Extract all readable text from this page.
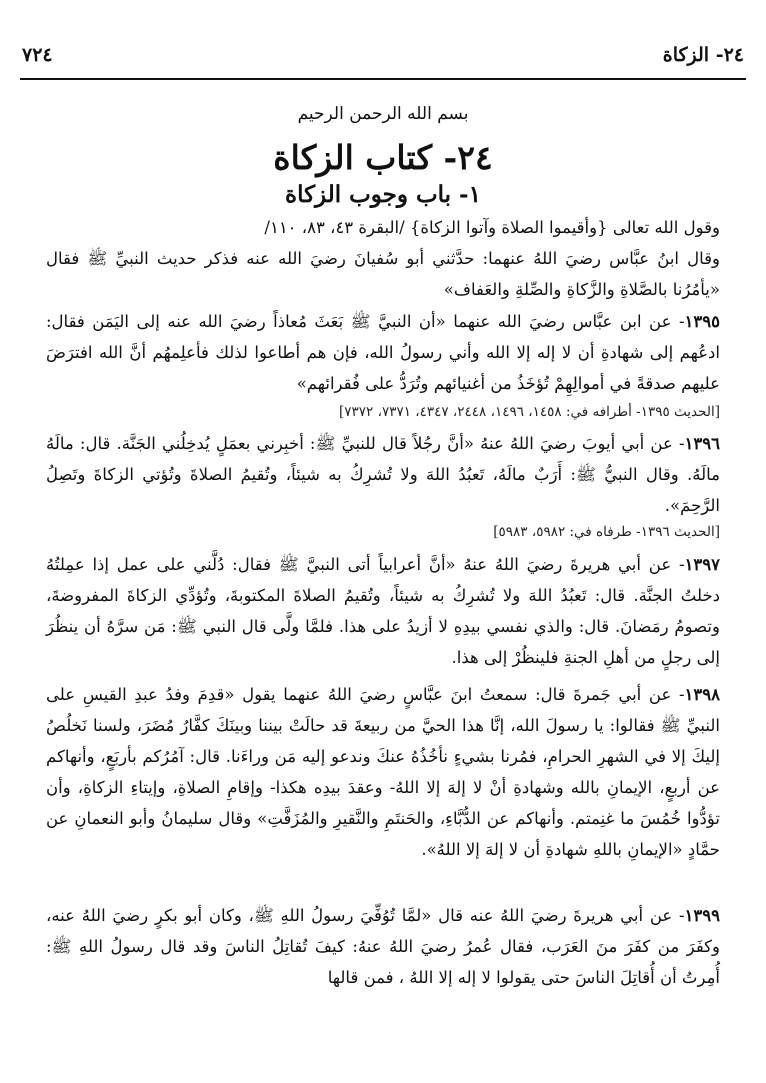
٢٤- الزكاة
٧٢٤
بسم الله الرحمن الرحيم
٢٤- كتاب الزكاة
١- باب وجوب الزكاة

وقول الله تعالى {وأقيموا الصلاة وآتوا الزكاة} /البقرة ٤٣، ٨٣، ١١٠/

وقال ابنُ عبَّاس رضيَ اللهُ عنهما: حدَّثني أبو سُفيانَ رضيَ الله عنه فذكر حديث النبيِّ ﷺ فقال «يأمُرُنا بالصَّلاةِ والزَّكاةِ والصِّلةِ والعَفاف»

١٣٩٥- عن ابن عبَّاس رضيَ الله عنهما «أن النبيَّ ﷺ بَعَثَ مُعاذاً رضيَ الله عنه إلى اليَمَن فقال: ادعُهم إلى شهادةِ أن لا إله إلا الله وأني رسولُ الله، فإن هم أطاعوا لذلك فأعلِمهُم أنَّ الله افترَضَ عليهم صدقةً في أموالِهِمْ تُؤخَذُ من أغنيائهم وتُرَدُّ على فُقرائهم»

[الحديث ١٣٩٥- أطرافه في: ١٤٥٨، ١٤٩٦، ٢٤٤٨، ٤٣٤٧، ٧٣٧١، ٧٣٧٢]

١٣٩٦- عن أبي أيوبَ رضيَ اللهُ عنهُ «أنَّ رجُلاً قال للنبيِّ ﷺ: أخبِرني بعمَلٍ يُدخِلُني الجَنَّة. قال: مالَهُ مالَهُ. وقال النبيُّ ﷺ: أَرَبٌ مالَهُ، تَعبُدُ اللهَ ولا تُشرِكُ به شيئاً، وتُقيمُ الصلاةَ وتُؤتي الزكاةَ وتَصِلُ الرَّحِمَ».

[الحديث ١٣٩٦- طرفاه في: ٥٩٨٢، ٥٩٨٣]

١٣٩٧- عن أبي هريرةَ رضيَ اللهُ عنهُ «أنَّ أعرابياً أتى النبيَّ ﷺ فقال: دُلَّني على عمل إذا عمِلتُهُ دخلتُ الجنَّة. قال: تَعبُدُ اللهَ ولا تُشرِكُ به شيئاً، وتُقيمُ الصلاةَ المكتوبةَ، وتُؤدِّي الزكاةَ المفروضةَ، وتصومُ رمَضانَ. قال: والذي نفسي بيدِهِ لا أزيدُ على هذا. فلمَّا ولَّى قال النبي ﷺ: مَن سرَّهُ أن ينظُرَ إلى رجلٍ من أهلِ الجنةِ فلينظُرْ إلى هذا.

١٣٩٨- عن أبي جَمرةَ قال: سمعتُ ابنَ عبَّاسٍ رضيَ اللهُ عنهما يقول «قدِمَ وفدُ عبدِ القيسِ على النبيِّ ﷺ فقالوا: يا رسولَ الله، إنَّا هذا الحيَّ من ربيعةَ قد حالَتْ بيننا وبينَكَ كفَّارُ مُضَرَ، ولسنا نَخلُصُ إليكَ إلا في الشهرِ الحرامِ، فمُرنا بشيءٍ نأخُذُهُ عنكَ وندعو إليه مَن وراءَنا. قال: آمُرُكم بأربَعٍ، وأنهاكم عن أربعٍ، الإيمانِ بالله وشهادةِ أنْ لا إلهَ إلا اللهُ- وعقدَ بيدِه هكذا- وإقامِ الصلاةِ، وإيتاءِ الزكاةِ، وأن تؤدُّوا خُمُسَ ما غنِمتم. وأنهاكم عن الدُّبَّاءِ، والحَنتَمِ والنَّقيرِ والمُزَفَّتِ» وقال سليمانُ وأبو النعمانِ عن حمَّادٍ «الإيمانِ باللهِ شهادةِ أن لا إلهَ إلا اللهُ».

١٣٩٩- عن أبي هريرةَ رضيَ اللهُ عنه قال «لمَّا تُوُفِّيَ رسولُ اللهِ ﷺ، وكان أبو بكرٍ رضيَ اللهُ عنه، وكفَرَ من كفَرَ منَ العَرَب، فقال عُمرُ رضيَ اللهُ عنهُ: كيفَ تُقاتِلُ الناسَ وقد قال رسولُ اللهِ ﷺ: أُمِرتُ أن أُقاتِلَ الناسَ حتى يقولوا لا إله إلا اللهُ ، فمن قالها
